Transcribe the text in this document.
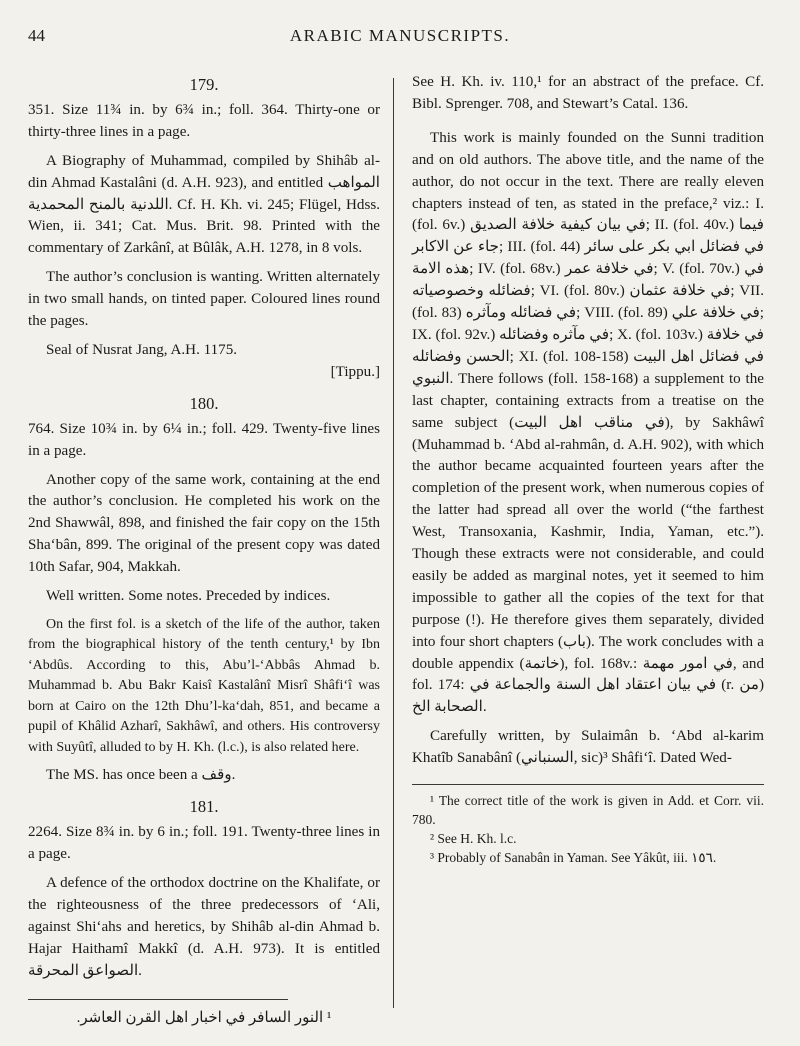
44	ARABIC MANUSCRIPTS.
179.

351. Size 11¾ in. by 6¾ in.; foll. 364. Thirty-one or thirty-three lines in a page.

A Biography of Muhammad, compiled by Shihâb al-din Ahmad Kastalâni (d. A.H. 923), and entitled المواهب اللدنية بالمنح المحمدية. Cf. H. Kh. vi. 245; Flügel, Hdss. Wien, ii. 341; Cat. Mus. Brit. 98. Printed with the commentary of Zarkânî, at Bûlâk, A.H. 1278, in 8 vols.

The author’s conclusion is wanting. Written alternately in two small hands, on tinted paper. Coloured lines round the pages.

Seal of Nusrat Jang, A.H. 1175.

[Tippu.]

180.

764. Size 10¾ in. by 6¼ in.; foll. 429. Twenty-five lines in a page.

Another copy of the same work, containing at the end the author’s conclusion. He completed his work on the 2nd Shawwâl, 898, and finished the fair copy on the 15th Sha‘bân, 899. The original of the present copy was dated 10th Safar, 904, Makkah.

Well written. Some notes. Preceded by indices.

On the first fol. is a sketch of the life of the author, taken from the biographical history of the tenth century,¹ by Ibn ‘Abdûs. According to this, Abu’l-‘Abbâs Ahmad b. Muhammad b. Abu Bakr Kaisî Kastalânî Misrî Shâfi‘î was born at Cairo on the 12th Dhu’l-ka‘dah, 851, and became a pupil of Khâlid Azharî, Sakhâwî, and others. His controversy with Suyûtî, alluded to by H. Kh. (l.c.), is also related here.

The MS. has once been a وقف.

181.

2264. Size 8¾ in. by 6 in.; foll. 191. Twenty-three lines in a page.

A defence of the orthodox doctrine on the Khalifate, or the righteousness of the three predecessors of ‘Ali, against Shi‘ahs and heretics, by Shihâb al-din Ahmad b. Hajar Haithamî Makkî (d. A.H. 973). It is entitled الصواعق المحرقة.

¹ النور السافر في اخبار اهل القرن العاشر.

See H. Kh. iv. 110,¹ for an abstract of the preface. Cf. Bibl. Sprenger. 708, and Stewart’s Catal. 136.

This work is mainly founded on the Sunni tradition and on old authors. The above title, and the name of the author, do not occur in the text. There are really eleven chapters instead of ten, as stated in the preface,² viz.: I. (fol. 6v.) في بيان كيفية خلافة الصديق; II. (fol. 40v.) فيما جاء عن الاكابر; III. (fol. 44) في فضائل ابي بكر على سائر هذه الامة; IV. (fol. 68v.) في خلافة عمر; V. (fol. 70v.) في فضائله وخصوصياته; VI. (fol. 80v.) في خلافة عثمان; VII. (fol. 83) في فضائله ومآثره; VIII. (fol. 89) في خلافة علي; IX. (fol. 92v.) في مآثره وفضائله; X. (fol. 103v.) في خلافة الحسن وفضائله; XI. (fol. 108-158) في فضائل اهل البيت النبوي. There follows (foll. 158-168) a supplement to the last chapter, containing extracts from a treatise on the same subject (في مناقب اهل البيت), by Sakhâwî (Muhammad b. ‘Abd al-rahmân, d. A.H. 902), with which the author became acquainted fourteen years after the completion of the present work, when numerous copies of the latter had spread all over the world (“the farthest West, Transoxania, Kashmir, India, Yaman, etc.”). Though these extracts were not considerable, and could easily be added as marginal notes, yet it seemed to him impossible to gather all the copies of the text for that purpose (!). He therefore gives them separately, divided into four short chapters (باب). The work concludes with a double appendix (خاتمة), fol. 168v.: في امور مهمة, and fol. 174: في بيان اعتقاد اهل السنة والجماعة في (r. من) الصحابة الخ.

Carefully written, by Sulaimân b. ‘Abd al-karim Khatîb Sanabânî (السنباني, sic)³ Shâfi‘î. Dated Wed-

¹ The correct title of the work is given in Add. et Corr. vii. 780.

² See H. Kh. l.c.

³ Probably of Sanabân in Yaman. See Yâkût, iii. ١٥٦.
